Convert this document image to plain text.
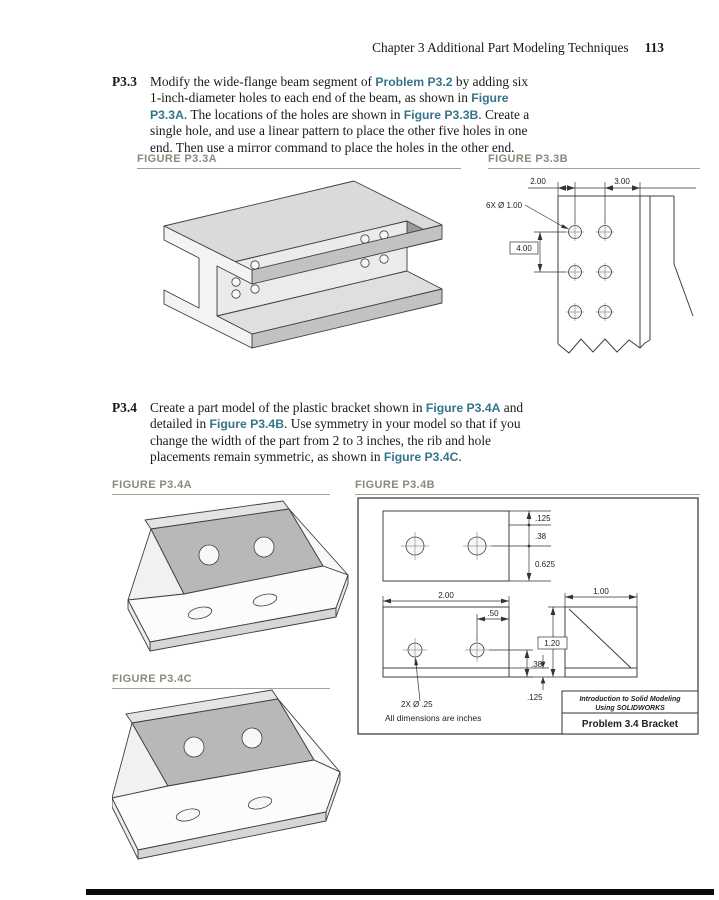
Chapter 3 Additional Part Modeling Techniques 113
P3.3 Modify the wide-flange beam segment of Problem P3.2 by adding six 1-inch-diameter holes to each end of the beam, as shown in Figure P3.3A. The locations of the holes are shown in Figure P3.3B. Create a single hole, and use a linear pattern to place the other five holes in one end. Then use a mirror command to place the holes in the other end.

FIGURE P3.3A	FIGURE P3.3B
2.00	3.00
6X Ø 1.00
4.00
P3.4 Create a part model of the plastic bracket shown in Figure P3.4A and detailed in Figure P3.4B. Use symmetry in your model so that if you change the width of the part from 2 to 3 inches, the rib and hole placements remain symmetric, as shown in Figure P3.4C.

FIGURE P3.4A	FIGURE P3.4B
.125
.38
0.625
2.00
.50
.38
.125
2X Ø .25
1.00
1.20
Introduction to Solid Modeling
Using SOLIDWORKS
Problem 3.4 Bracket
All dimensions are inches
FIGURE P3.4C
